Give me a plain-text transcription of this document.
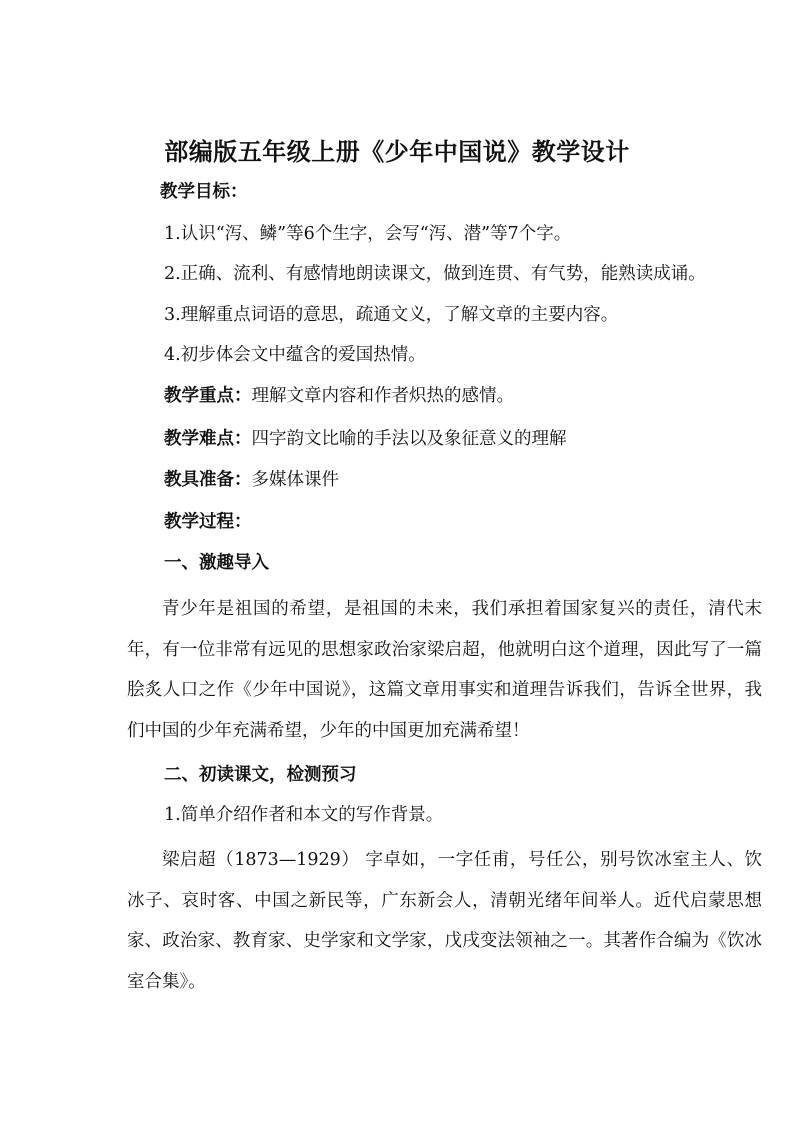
部编版五年级上册《少年中国说》教学设计
教学目标：
1.认识“泻、鳞”等6个生字，会写“泻、潜”等7个字。
2.正确、流利、有感情地朗读课文，做到连贯、有气势，能熟读成诵。
3.理解重点词语的意思，疏通文义，了解文章的主要内容。
4.初步体会文中蕴含的爱国热情。
教学重点：理解文章内容和作者炽热的感情。
教学难点：四字韵文比喻的手法以及象征意义的理解
教具准备：多媒体课件
教学过程：
一、激趣导入
青少年是祖国的希望，是祖国的未来，我们承担着国家复兴的责任，清代末年，有一位非常有远见的思想家政治家梁启超，他就明白这个道理，因此写了一篇脍炙人口之作《少年中国说》，这篇文章用事实和道理告诉我们，告诉全世界，我们中国的少年充满希望，少年的中国更加充满希望！
二、初读课文，检测预习
1.简单介绍作者和本文的写作背景。
梁启超（1873—1929） 字卓如，一字任甫，号任公，别号饮冰室主人、饮冰子、哀时客、中国之新民等，广东新会人，清朝光绪年间举人。近代启蒙思想家、政治家、教育家、史学家和文学家，戊戌变法领袖之一。其著作合编为《饮冰室合集》。
